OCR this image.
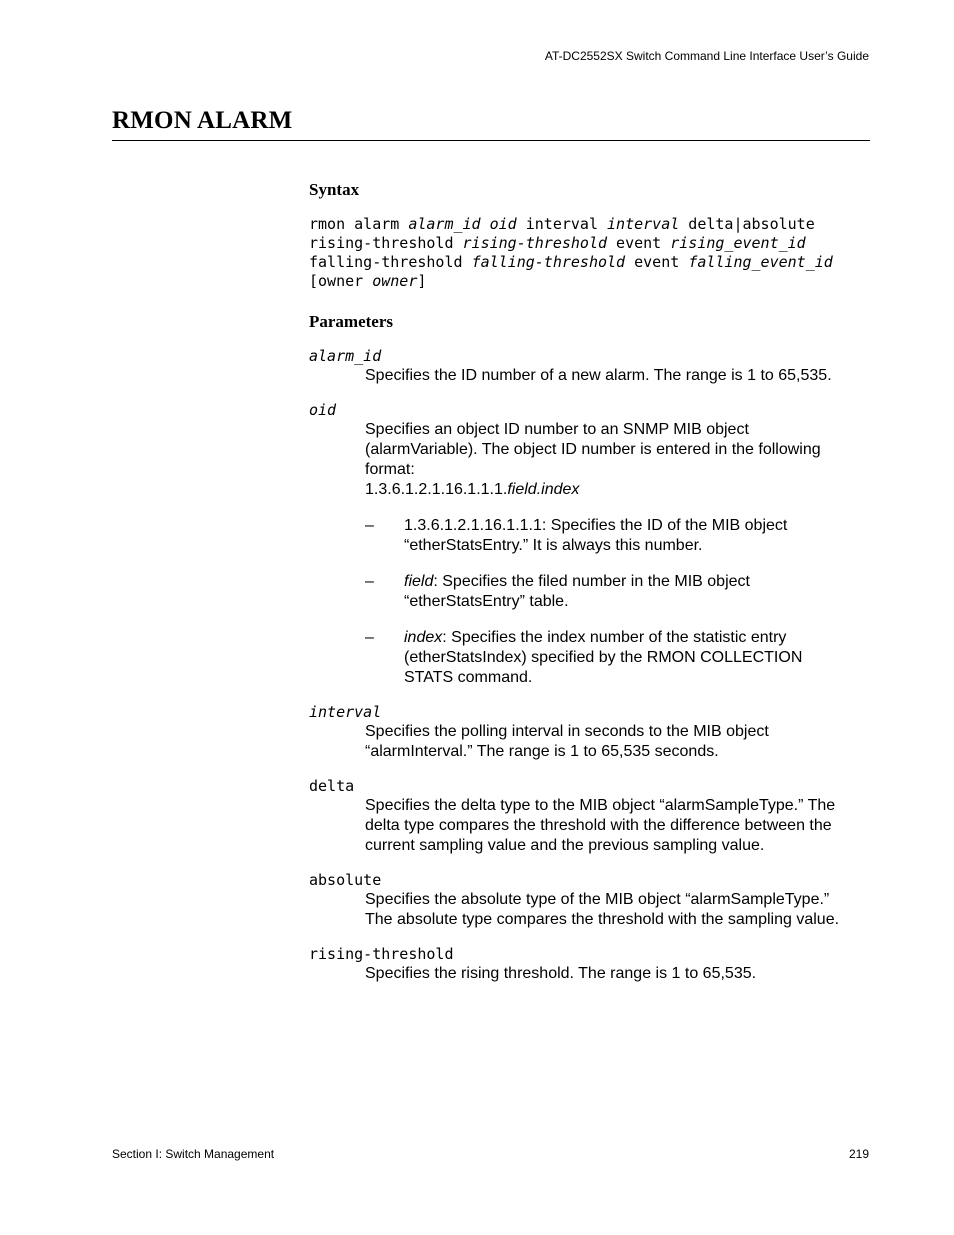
AT-DC2552SX Switch Command Line Interface User’s Guide
RMON ALARM
Syntax
rmon alarm alarm_id oid interval interval delta|absolute
rising-threshold rising-threshold event rising_event_id
falling-threshold falling-threshold event falling_event_id
[owner owner]
Parameters
alarm_id

Specifies the ID number of a new alarm. The range is 1 to 65,535.

oid

Specifies an object ID number to an SNMP MIB object

(alarmVariable). The object ID number is entered in the following

format:

1.3.6.1.2.1.16.1.1.1.field.index

– 1.3.6.1.2.1.16.1.1.1: Specifies the ID of the MIB object
“etherStatsEntry.” It is always this number.
– field: Specifies the filed number in the MIB object
“etherStatsEntry” table.
– index: Specifies the index number of the statistic entry
(etherStatsIndex) specified by the RMON COLLECTION
STATS command.
interval

Specifies the polling interval in seconds to the MIB object

“alarmInterval.” The range is 1 to 65,535 seconds.

delta

Specifies the delta type to the MIB object “alarmSampleType.” The

delta type compares the threshold with the difference between the

current sampling value and the previous sampling value.

absolute

Specifies the absolute type of the MIB object “alarmSampleType.”

The absolute type compares the threshold with the sampling value.

rising-threshold

Specifies the rising threshold. The range is 1 to 65,535.

Section I: Switch Management	219
